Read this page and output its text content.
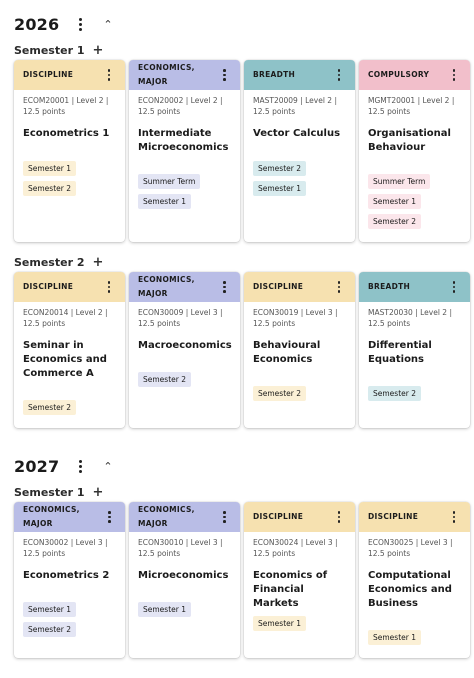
2026	⌃
Semester 1 +
DISCIPLINE
ECOM20001 | Level 2 |
12.5 points
Econometrics 1
Semester 1
Semester 2
ECONOMICS, MAJOR
ECON20002 | Level 2 |
12.5 points
Intermediate Microeconomics
Summer Term
Semester 1
BREADTH
MAST20009 | Level 2 |
12.5 points
Vector Calculus
Semester 2
Semester 1
COMPULSORY
MGMT20001 | Level 2 |
12.5 points
Organisational Behaviour
Summer Term
Semester 1
Semester 2
Semester 2 +
DISCIPLINE
ECON20014 | Level 2 |
12.5 points
Seminar in Economics and Commerce A
Semester 2
ECONOMICS, MAJOR
ECON30009 | Level 3 |
12.5 points
Macroeconomics
Semester 2
DISCIPLINE
ECON30019 | Level 3 |
12.5 points
Behavioural Economics
Semester 2
BREADTH
MAST20030 | Level 2 |
12.5 points
Differential Equations
Semester 2
2027	⌃
Semester 1 +
ECONOMICS, MAJOR
ECON30002 | Level 3 |
12.5 points
Econometrics 2
Semester 1
Semester 2
ECONOMICS, MAJOR
ECON30010 | Level 3 |
12.5 points
Microeconomics
Semester 1
DISCIPLINE
ECON30024 | Level 3 |
12.5 points
Economics of Financial Markets
Semester 1
DISCIPLINE
ECON30025 | Level 3 |
12.5 points
Computational Economics and Business
Semester 1
